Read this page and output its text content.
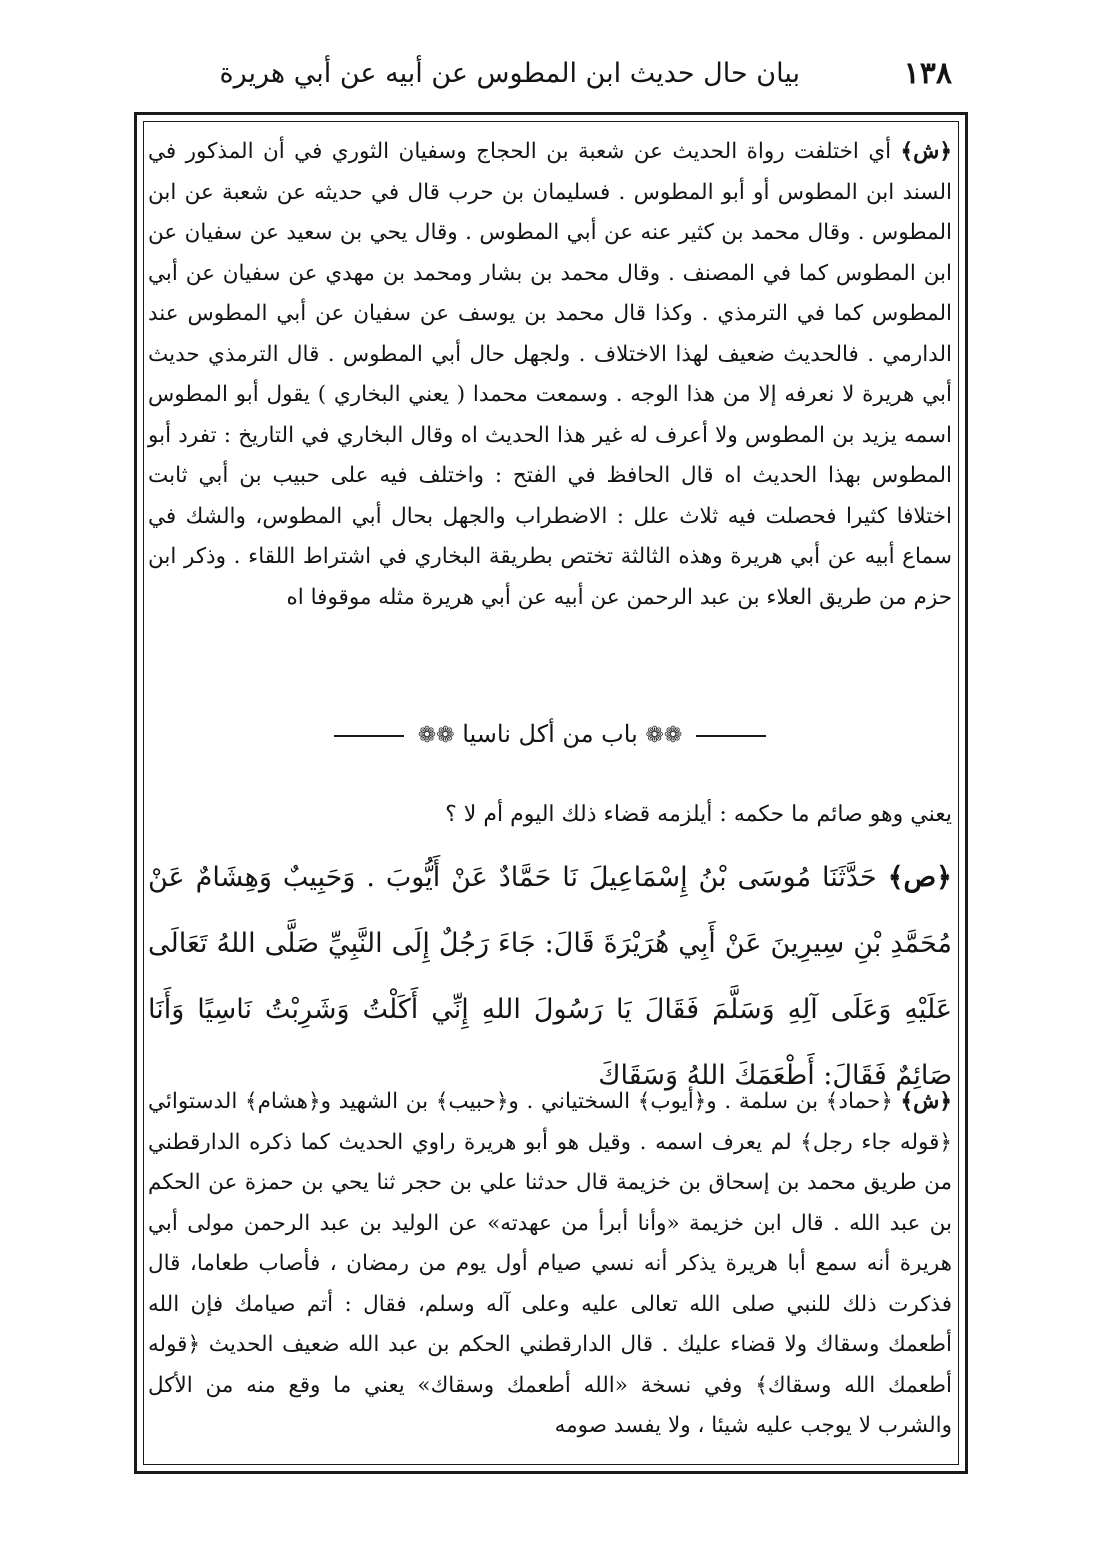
بيان حال حديث ابن المطوس عن أبيه عن أبي هريرة	١٣٨
﴿ش﴾ أي اختلفت رواة الحديث عن شعبة بن الحجاج وسفيان الثوري في أن المذكور في السند ابن المطوس أو أبو المطوس . فسليمان بن حرب قال في حديثه عن شعبة عن ابن المطوس . وقال محمد بن كثير عنه عن أبي المطوس . وقال يحي بن سعيد عن سفيان عن ابن المطوس كما في المصنف . وقال محمد بن بشار ومحمد بن مهدي عن سفيان عن أبي المطوس كما في الترمذي . وكذا قال محمد بن يوسف عن سفيان عن أبي المطوس عند الدارمي . فالحديث ضعيف لهذا الاختلاف . ولجهل حال أبي المطوس . قال الترمذي حديث أبي هريرة لا نعرفه إلا من هذا الوجه . وسمعت محمدا ( يعني البخاري ) يقول أبو المطوس اسمه يزيد بن المطوس ولا أعرف له غير هذا الحديث اه وقال البخاري في التاريخ : تفرد أبو المطوس بهذا الحديث اه قال الحافظ في الفتح : واختلف فيه على حبيب بن أبي ثابت اختلافا كثيرا فحصلت فيه ثلاث علل : الاضطراب والجهل بحال أبي المطوس، والشك في سماع أبيه عن أبي هريرة وهذه الثالثة تختص بطريقة البخاري في اشتراط اللقاء . وذكر ابن حزم من طريق العلاء بن عبد الرحمن عن أبيه عن أبي هريرة مثله موقوفا اه
❁❁ باب من أكل ناسيا ❁❁
يعني وهو صائم ما حكمه : أيلزمه قضاء ذلك اليوم أم لا ؟
﴿ص﴾ حَدَّثَنَا مُوسَى بْنُ إِسْمَاعِيلَ نَا حَمَّادٌ عَنْ أَيُّوبَ . وَحَبِيبٌ وَهِشَامٌ عَنْ مُحَمَّدِ بْنِ سِيرِينَ عَنْ أَبِي هُرَيْرَةَ قَالَ: جَاءَ رَجُلٌ إِلَى النَّبِيِّ صَلَّى اللهُ تَعَالَى عَلَيْهِ وَعَلَى آلِهِ وَسَلَّمَ فَقَالَ يَا رَسُولَ اللهِ إِنِّي أَكَلْتُ وَشَرِبْتُ نَاسِيًا وَأَنَا صَائِمٌ فَقَالَ: أَطْعَمَكَ اللهُ وَسَقَاكَ
﴿ش﴾ ﴿حماد﴾ بن سلمة . و﴿أيوب﴾ السختياني . و﴿حبيب﴾ بن الشهيد و﴿هشام﴾ الدستوائي ﴿قوله جاء رجل﴾ لم يعرف اسمه . وقيل هو أبو هريرة راوي الحديث كما ذكره الدارقطني من طريق محمد بن إسحاق بن خزيمة قال حدثنا علي بن حجر ثنا يحي بن حمزة عن الحكم بن عبد الله . قال ابن خزيمة «وأنا أبرأ من عهدته» عن الوليد بن عبد الرحمن مولى أبي هريرة أنه سمع أبا هريرة يذكر أنه نسي صيام أول يوم من رمضان ، فأصاب طعاما، قال فذكرت ذلك للنبي صلى الله تعالى عليه وعلى آله وسلم، فقال : أتم صيامك فإن الله أطعمك وسقاك ولا قضاء عليك . قال الدارقطني الحكم بن عبد الله ضعيف الحديث ﴿قوله أطعمك الله وسقاك﴾ وفي نسخة «الله أطعمك وسقاك» يعني ما وقع منه من الأكل والشرب لا يوجب عليه شيئا ، ولا يفسد صومه
